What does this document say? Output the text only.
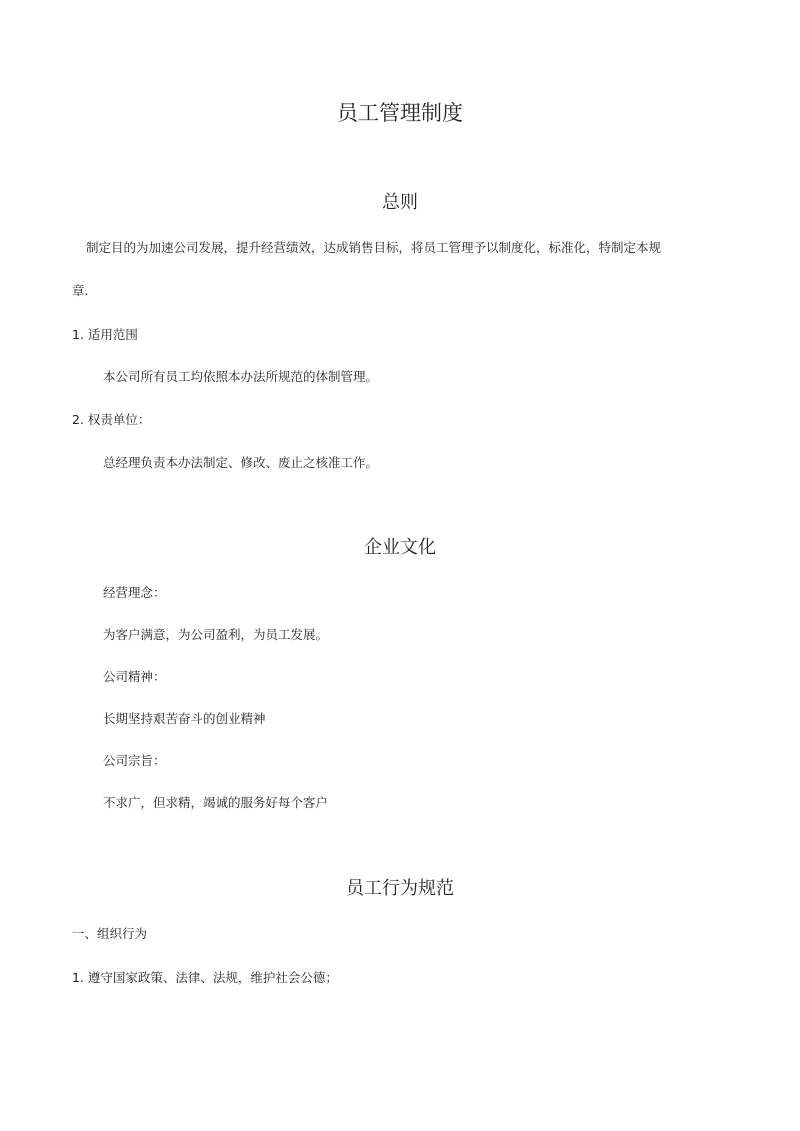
员工管理制度
总则

制定目的为加速公司发展，提升经营绩效，达成销售目标，将员工管理予以制度化，标准化，特制定本规

章.

1. 适用范围

本公司所有员工均依照本办法所规范的体制管理。

2. 权责单位：

总经理负责本办法制定、修改、废止之核准工作。

企业文化

经营理念：

为客户满意，为公司盈利，为员工发展。

公司精神：

长期坚持艰苦奋斗的创业精神

公司宗旨：

不求广，但求精，竭诚的服务好每个客户

员工行为规范

一、组织行为

1. 遵守国家政策、法律、法规，维护社会公德；
